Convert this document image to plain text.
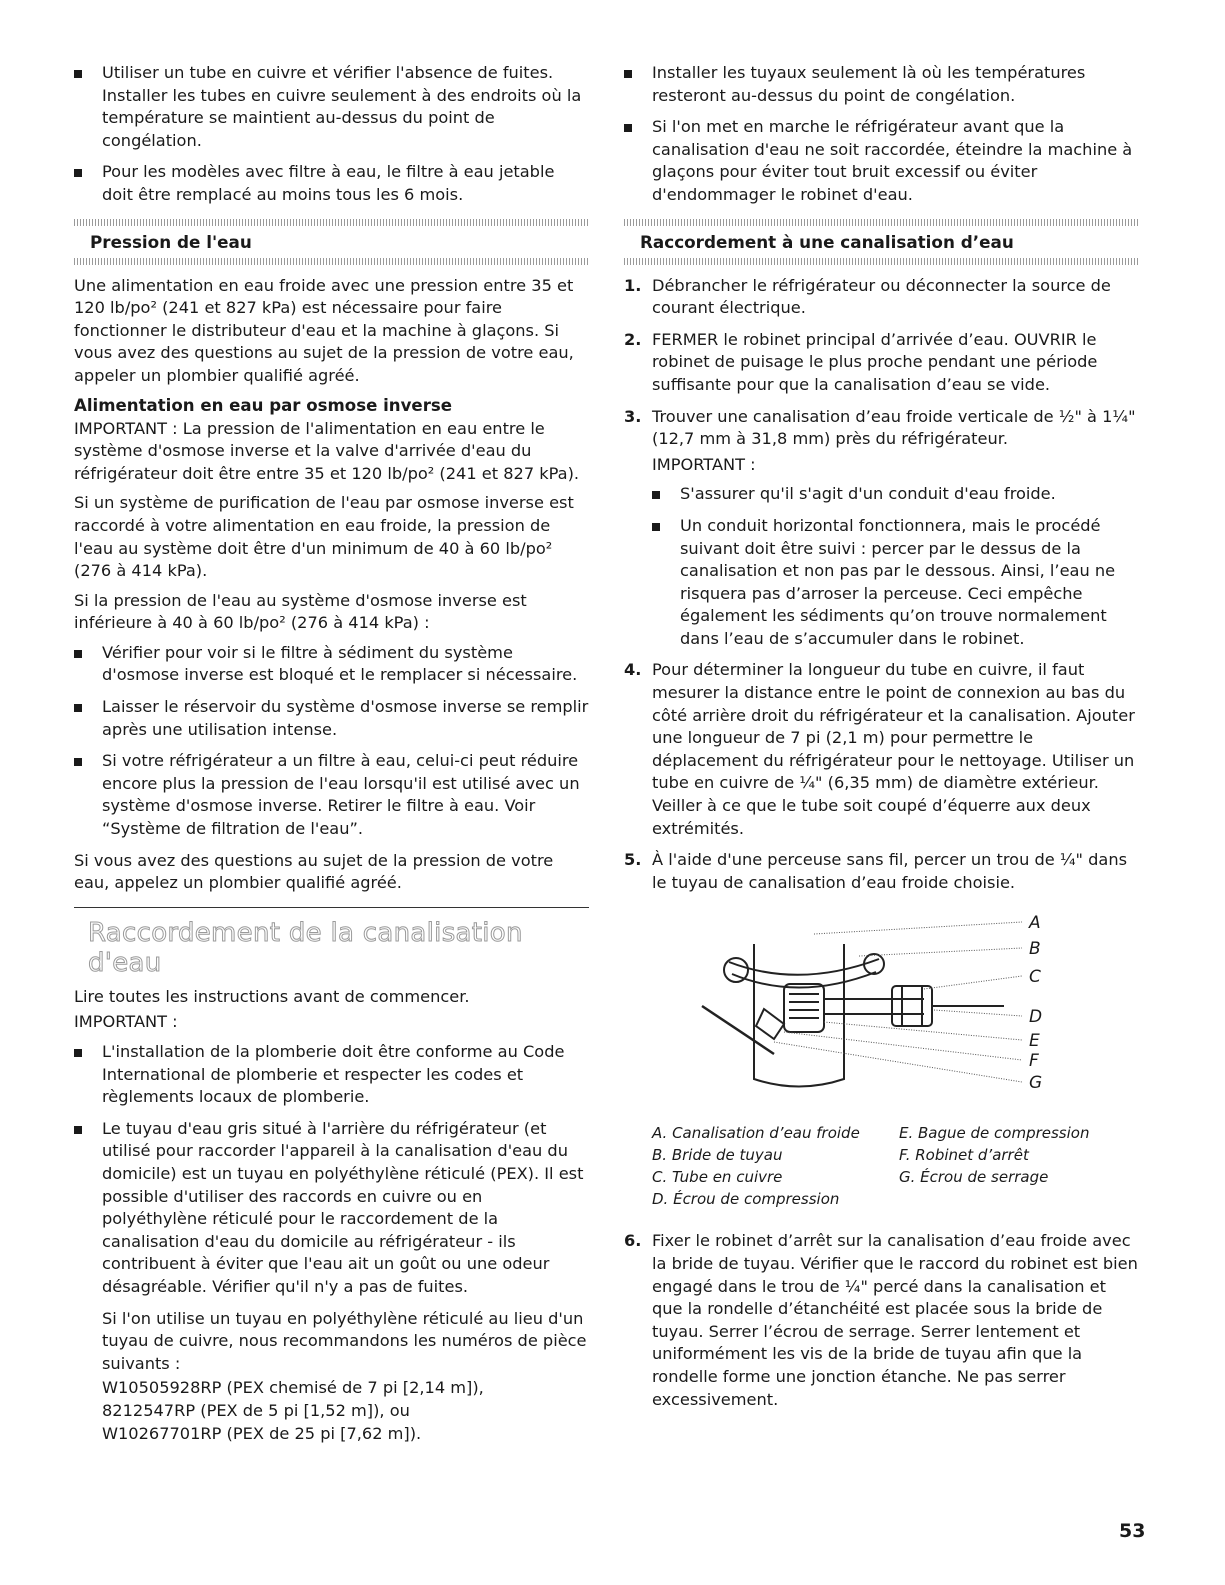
Utiliser un tube en cuivre et vérifier l'absence de fuites. Installer les tubes en cuivre seulement à des endroits où la température se maintient au-dessus du point de congélation.
Pour les modèles avec filtre à eau, le filtre à eau jetable doit être remplacé au moins tous les 6 mois.
Pression de l'eau

Une alimentation en eau froide avec une pression entre 35 et 120 lb/po² (241 et 827 kPa) est nécessaire pour faire fonctionner le distributeur d'eau et la machine à glaçons. Si vous avez des questions au sujet de la pression de votre eau, appeler un plombier qualifié agréé.

Alimentation en eau par osmose inverse

IMPORTANT : La pression de l'alimentation en eau entre le système d'osmose inverse et la valve d'arrivée d'eau du réfrigérateur doit être entre 35 et 120 lb/po² (241 et 827 kPa).

Si un système de purification de l'eau par osmose inverse est raccordé à votre alimentation en eau froide, la pression de l'eau au système doit être d'un minimum de 40 à 60 lb/po² (276 à 414 kPa).

Si la pression de l'eau au système d'osmose inverse est inférieure à 40 à 60 lb/po² (276 à 414 kPa) :

Vérifier pour voir si le filtre à sédiment du système d'osmose inverse est bloqué et le remplacer si nécessaire.
Laisser le réservoir du système d'osmose inverse se remplir après une utilisation intense.
Si votre réfrigérateur a un filtre à eau, celui-ci peut réduire encore plus la pression de l'eau lorsqu'il est utilisé avec un système d'osmose inverse. Retirer le filtre à eau. Voir “Système de filtration de l'eau”.

Si vous avez des questions au sujet de la pression de votre eau, appelez un plombier qualifié agréé.

Raccordement de la canalisation d'eau

Lire toutes les instructions avant de commencer.

IMPORTANT :

L'installation de la plomberie doit être conforme au Code International de plomberie et respecter les codes et règlements locaux de plomberie.
Le tuyau d'eau gris situé à l'arrière du réfrigérateur (et utilisé pour raccorder l'appareil à la canalisation d'eau du domicile) est un tuyau en polyéthylène réticulé (PEX). Il est possible d'utiliser des raccords en cuivre ou en polyéthylène réticulé pour le raccordement de la canalisation d'eau du domicile au réfrigérateur - ils contribuent à éviter que l'eau ait un goût ou une odeur désagréable. Vérifier qu'il n'y a pas de fuites.

Si l'on utilise un tuyau en polyéthylène réticulé au lieu d'un tuyau de cuivre, nous recommandons les numéros de pièce suivants :

W10505928RP (PEX chemisé de 7 pi [2,14 m]),
8212547RP (PEX de 5 pi [1,52 m]), ou
W10267701RP (PEX de 25 pi [7,62 m]).
Installer les tuyaux seulement là où les températures resteront au-dessus du point de congélation.
Si l'on met en marche le réfrigérateur avant que la canalisation d'eau ne soit raccordée, éteindre la machine à glaçons pour éviter tout bruit excessif ou éviter d'endommager le robinet d'eau.
Raccordement à une canalisation d’eau
1. Débrancher le réfrigérateur ou déconnecter la source de courant électrique.
2. FERMER le robinet principal d’arrivée d’eau. OUVRIR le robinet de puisage le plus proche pendant une période suffisante pour que la canalisation d’eau se vide.
3. Trouver une canalisation d’eau froide verticale de ½" à 1¼" (12,7 mm à 31,8 mm) près du réfrigérateur.

IMPORTANT :

S'assurer qu'il s'agit d'un conduit d'eau froide.
Un conduit horizontal fonctionnera, mais le procédé suivant doit être suivi : percer par le dessus de la canalisation et non pas par le dessous. Ainsi, l’eau ne risquera pas d’arroser la perceuse. Ceci empêche également les sédiments qu’on trouve normalement dans l’eau de s’accumuler dans le robinet.
4. Pour déterminer la longueur du tube en cuivre, il faut mesurer la distance entre le point de connexion au bas du côté arrière droit du réfrigérateur et la canalisation. Ajouter une longueur de 7 pi (2,1 m) pour permettre le déplacement du réfrigérateur pour le nettoyage. Utiliser un tube en cuivre de ¼" (6,35 mm) de diamètre extérieur. Veiller à ce que le tube soit coupé d’équerre aux deux extrémités.
5. À l'aide d'une perceuse sans fil, percer un trou de ¼" dans le tuyau de canalisation d’eau froide choisie.
A
B
C
D
E
F
G
A. Canalisation d’eau froide
B. Bride de tuyau
C. Tube en cuivre
D. Écrou de compression
E. Bague de compression
F. Robinet d’arrêt
G. Écrou de serrage
6. Fixer le robinet d’arrêt sur la canalisation d’eau froide avec la bride de tuyau. Vérifier que le raccord du robinet est bien engagé dans le trou de ¼" percé dans la canalisation et que la rondelle d’étanchéité est placée sous la bride de tuyau. Serrer l’écrou de serrage. Serrer lentement et uniformément les vis de la bride de tuyau afin que la rondelle forme une jonction étanche. Ne pas serrer excessivement.
53
